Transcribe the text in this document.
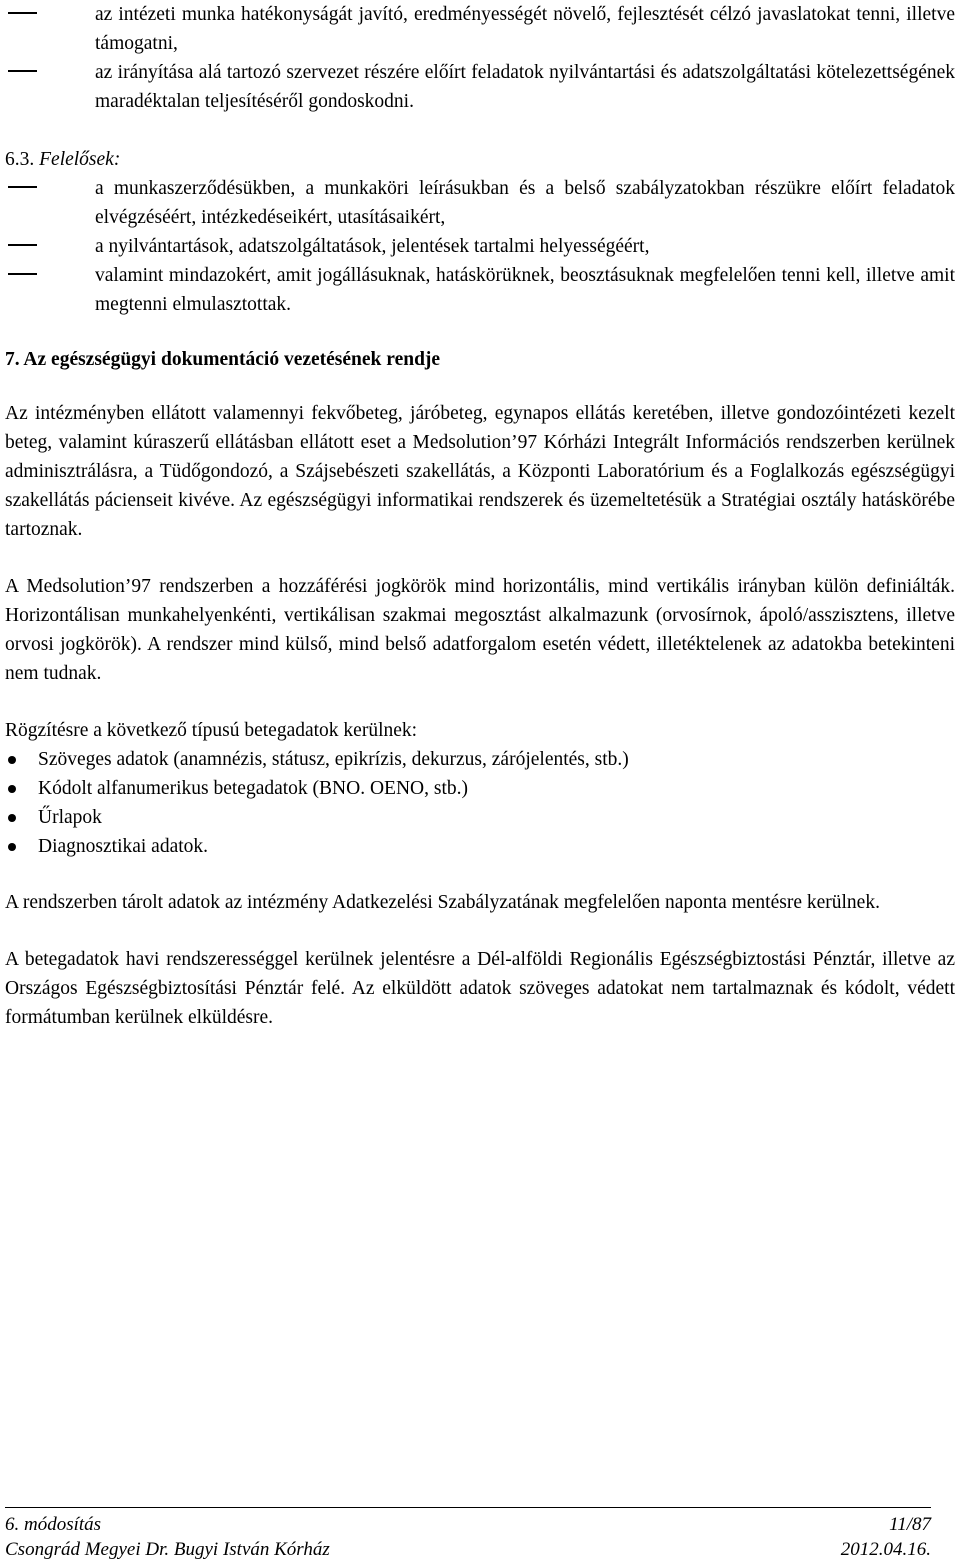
az intézeti munka hatékonyságát javító, eredményességét növelő, fejlesztését célzó javaslatokat tenni, illetve támogatni,

az irányítása alá tartozó szervezet részére előírt feladatok nyilvántartási és adatszolgáltatási kötelezettségének maradéktalan teljesítéséről gondoskodni.

6.3. Felelősek:

a munkaszerződésükben, a munkaköri leírásukban és a belső szabályzatokban részükre előírt feladatok elvégzéséért, intézkedéseikért, utasításaikért,

a nyilvántartások, adatszolgáltatások, jelentések tartalmi helyességéért,

valamint mindazokért, amit jogállásuknak, hatáskörüknek, beosztásuknak megfelelően tenni kell, illetve amit megtenni elmulasztottak.

7. Az egészségügyi dokumentáció vezetésének rendje

Az intézményben ellátott valamennyi fekvőbeteg, járóbeteg, egynapos ellátás keretében, illetve gondozóintézeti kezelt beteg, valamint kúraszerű ellátásban ellátott eset a Medsolution’97 Kórházi Integrált Információs rendszerben kerülnek adminisztrálásra, a Tüdőgondozó, a Szájsebészeti szakellátás, a Központi Laboratórium és a Foglalkozás egészségügyi szakellátás pácienseit kivéve. Az egészségügyi informatikai rendszerek és üzemeltetésük a Stratégiai osztály hatáskörébe tartoznak.

A Medsolution’97 rendszerben a hozzáférési jogkörök mind horizontális, mind vertikális irányban külön definiálták. Horizontálisan munkahelyenkénti, vertikálisan szakmai megosztást alkalmazunk (orvosírnok, ápoló/asszisztens, illetve orvosi jogkörök). A rendszer mind külső, mind belső adatforgalom esetén védett, illetéktelenek az adatokba betekinteni nem tudnak.

Rögzítésre a következő típusú betegadatok kerülnek:

Szöveges adatok (anamnézis, státusz, epikrízis, dekurzus, zárójelentés, stb.)

Kódolt alfanumerikus betegadatok (BNO. OENO, stb.)

Űrlapok

Diagnosztikai adatok.

A rendszerben tárolt adatok az intézmény Adatkezelési Szabályzatának megfelelően naponta mentésre kerülnek.

A betegadatok havi rendszerességgel kerülnek jelentésre a Dél-alföldi Regionális Egészségbiztostási Pénztár, illetve az Országos Egészségbiztosítási Pénztár felé. Az elküldött adatok szöveges adatokat nem tartalmaznak és kódolt, védett formátumban kerülnek elküldésre.

6. módosítás	11/87
Csongrád Megyei Dr. Bugyi István Kórház	2012.04.16.
